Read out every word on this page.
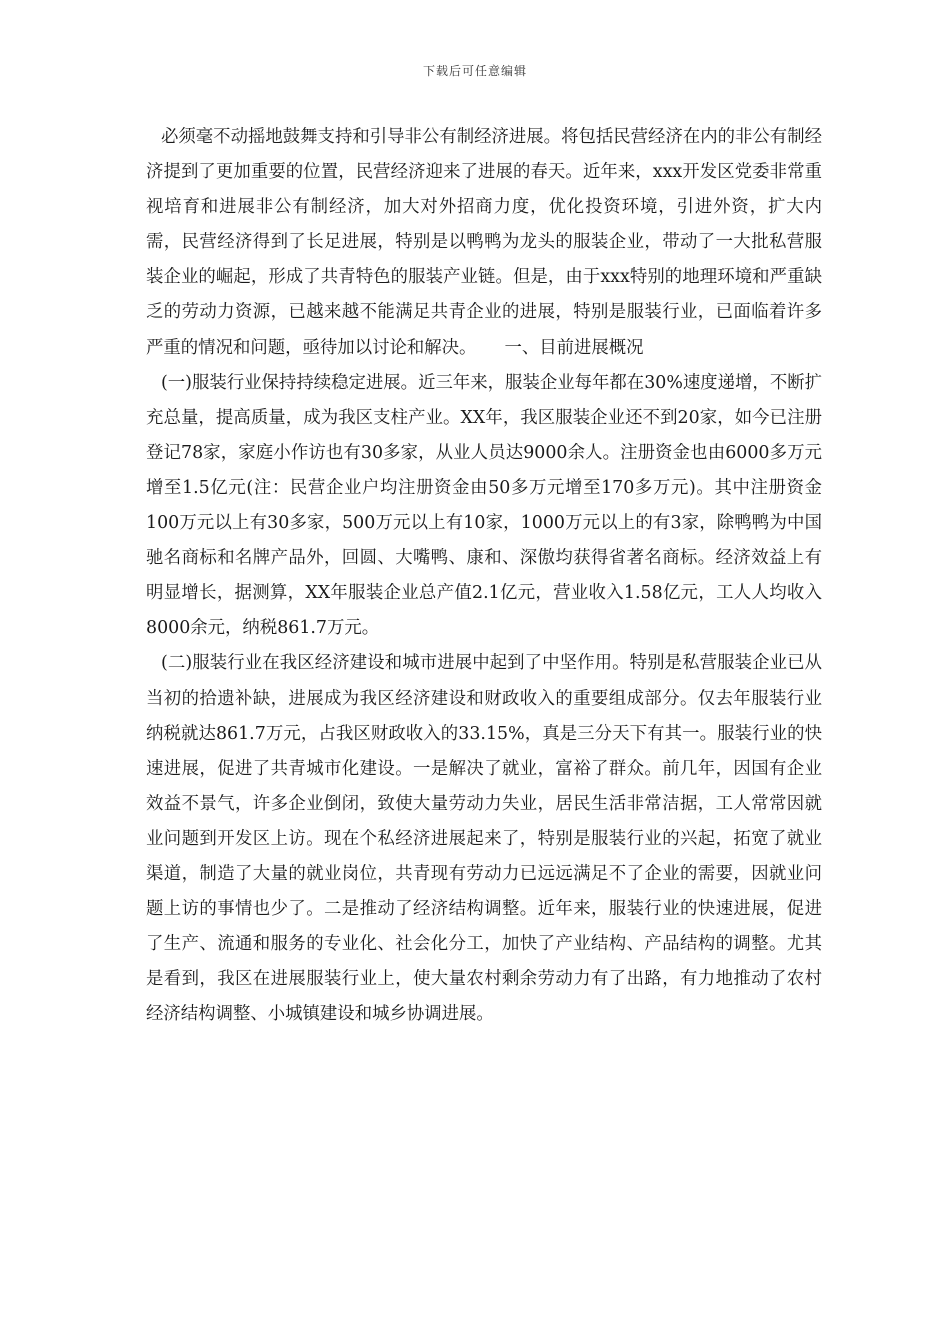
下载后可任意编辑

必须毫不动摇地鼓舞支持和引导非公有制经济进展。将包括民营经济在内的非公有制经济提到了更加重要的位置，民营经济迎来了进展的春天。近年来，xxx开发区党委非常重视培育和进展非公有制经济，加大对外招商力度，优化投资环境，引进外资，扩大内需，民营经济得到了长足进展，特别是以鸭鸭为龙头的服装企业，带动了一大批私营服装企业的崛起，形成了共青特色的服装产业链。但是，由于xxx特别的地理环境和严重缺乏的劳动力资源，已越来越不能满足共青企业的进展，特别是服装行业，已面临着许多严重的情况和问题，亟待加以讨论和解决。 一、目前进展概况

(一)服装行业保持持续稳定进展。近三年来，服装企业每年都在30%速度递增，不断扩充总量，提高质量，成为我区支柱产业。XX年，我区服装企业还不到20家，如今已注册登记78家，家庭小作访也有30多家，从业人员达9000余人。注册资金也由6000多万元增至1.5亿元(注：民营企业户均注册资金由50多万元增至170多万元)。其中注册资金100万元以上有30多家，500万元以上有10家，1000万元以上的有3家，除鸭鸭为中国驰名商标和名牌产品外，回圆、大嘴鸭、康和、深傲均获得省著名商标。经济效益上有明显增长，据测算，XX年服装企业总产值2.1亿元，营业收入1.58亿元，工人人均收入8000余元，纳税861.7万元。

(二)服装行业在我区经济建设和城市进展中起到了中坚作用。特别是私营服装企业已从当初的拾遗补缺，进展成为我区经济建设和财政收入的重要组成部分。仅去年服装行业纳税就达861.7万元，占我区财政收入的33.15%，真是三分天下有其一。服装行业的快速进展，促进了共青城市化建设。一是解决了就业，富裕了群众。前几年，因国有企业效益不景气，许多企业倒闭，致使大量劳动力失业，居民生活非常洁据，工人常常因就业问题到开发区上访。现在个私经济进展起来了，特别是服装行业的兴起，拓宽了就业渠道，制造了大量的就业岗位，共青现有劳动力已远远满足不了企业的需要，因就业问题上访的事情也少了。二是推动了经济结构调整。近年来，服装行业的快速进展，促进了生产、流通和服务的专业化、社会化分工，加快了产业结构、产品结构的调整。尤其是看到，我区在进展服装行业上，使大量农村剩余劳动力有了出路，有力地推动了农村经济结构调整、小城镇建设和城乡协调进展。
